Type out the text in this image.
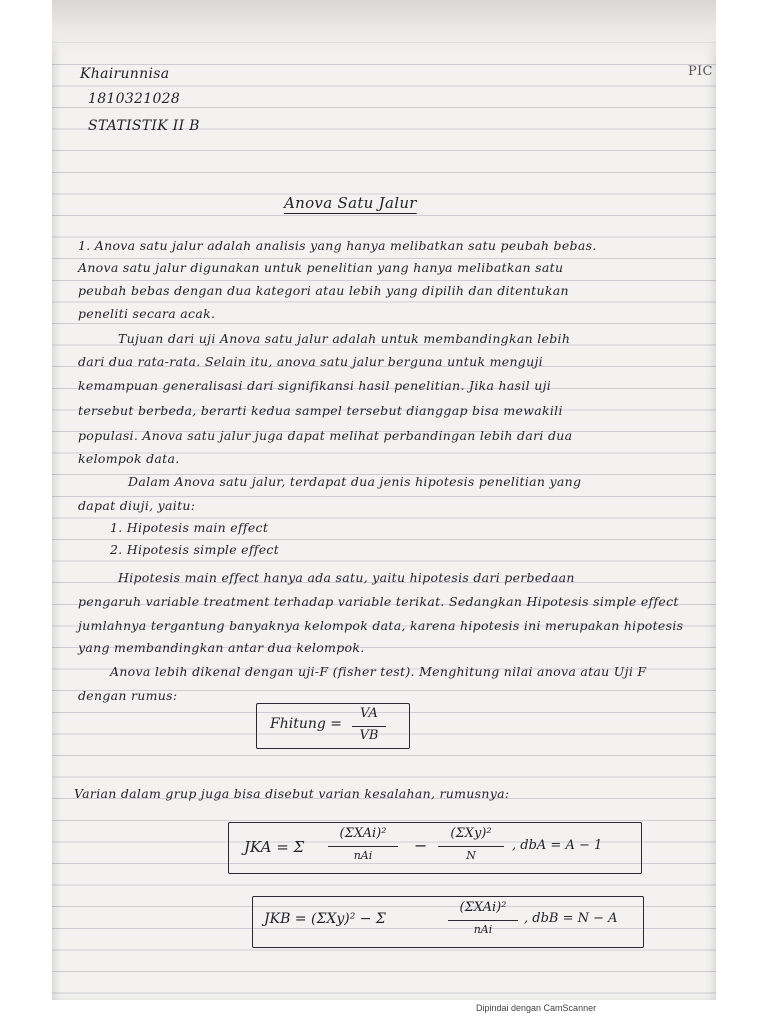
PIC
Khairunnisa
1810321028
STATISTIK II B
Anova Satu Jalur
1. Anova satu jalur adalah analisis yang hanya melibatkan satu peubah bebas.
Anova satu jalur digunakan untuk penelitian yang hanya melibatkan satu
peubah bebas dengan dua kategori atau lebih yang dipilih dan ditentukan
peneliti secara acak.
Tujuan dari uji Anova satu jalur adalah untuk membandingkan lebih
dari dua rata-rata. Selain itu, anova satu jalur berguna untuk menguji
kemampuan generalisasi dari signifikansi hasil penelitian. Jika hasil uji
tersebut berbeda, berarti kedua sampel tersebut dianggap bisa mewakili
populasi. Anova satu jalur juga dapat melihat perbandingan lebih dari dua
kelompok data.
Dalam Anova satu jalur, terdapat dua jenis hipotesis penelitian yang
dapat diuji, yaitu:
1. Hipotesis main effect
2. Hipotesis simple effect
Hipotesis main effect hanya ada satu, yaitu hipotesis dari perbedaan
pengaruh variable treatment terhadap variable terikat. Sedangkan Hipotesis simple effect
jumlahnya tergantung banyaknya kelompok data, karena hipotesis ini merupakan hipotesis
yang membandingkan antar dua kelompok.
Anova lebih dikenal dengan uji-F (fisher test). Menghitung nilai anova atau Uji F
dengan rumus:
Fhitung =
VA
VB
Varian dalam grup juga bisa disebut varian kesalahan, rumusnya:
JKA = Σ
(ΣXAi)²
nAi
−
(ΣXy)²
N
, dbA = A − 1
JKB = (ΣXy)² − Σ
(ΣXAi)²
nAi
, dbB = N − A
Dipindai dengan CamScanner
